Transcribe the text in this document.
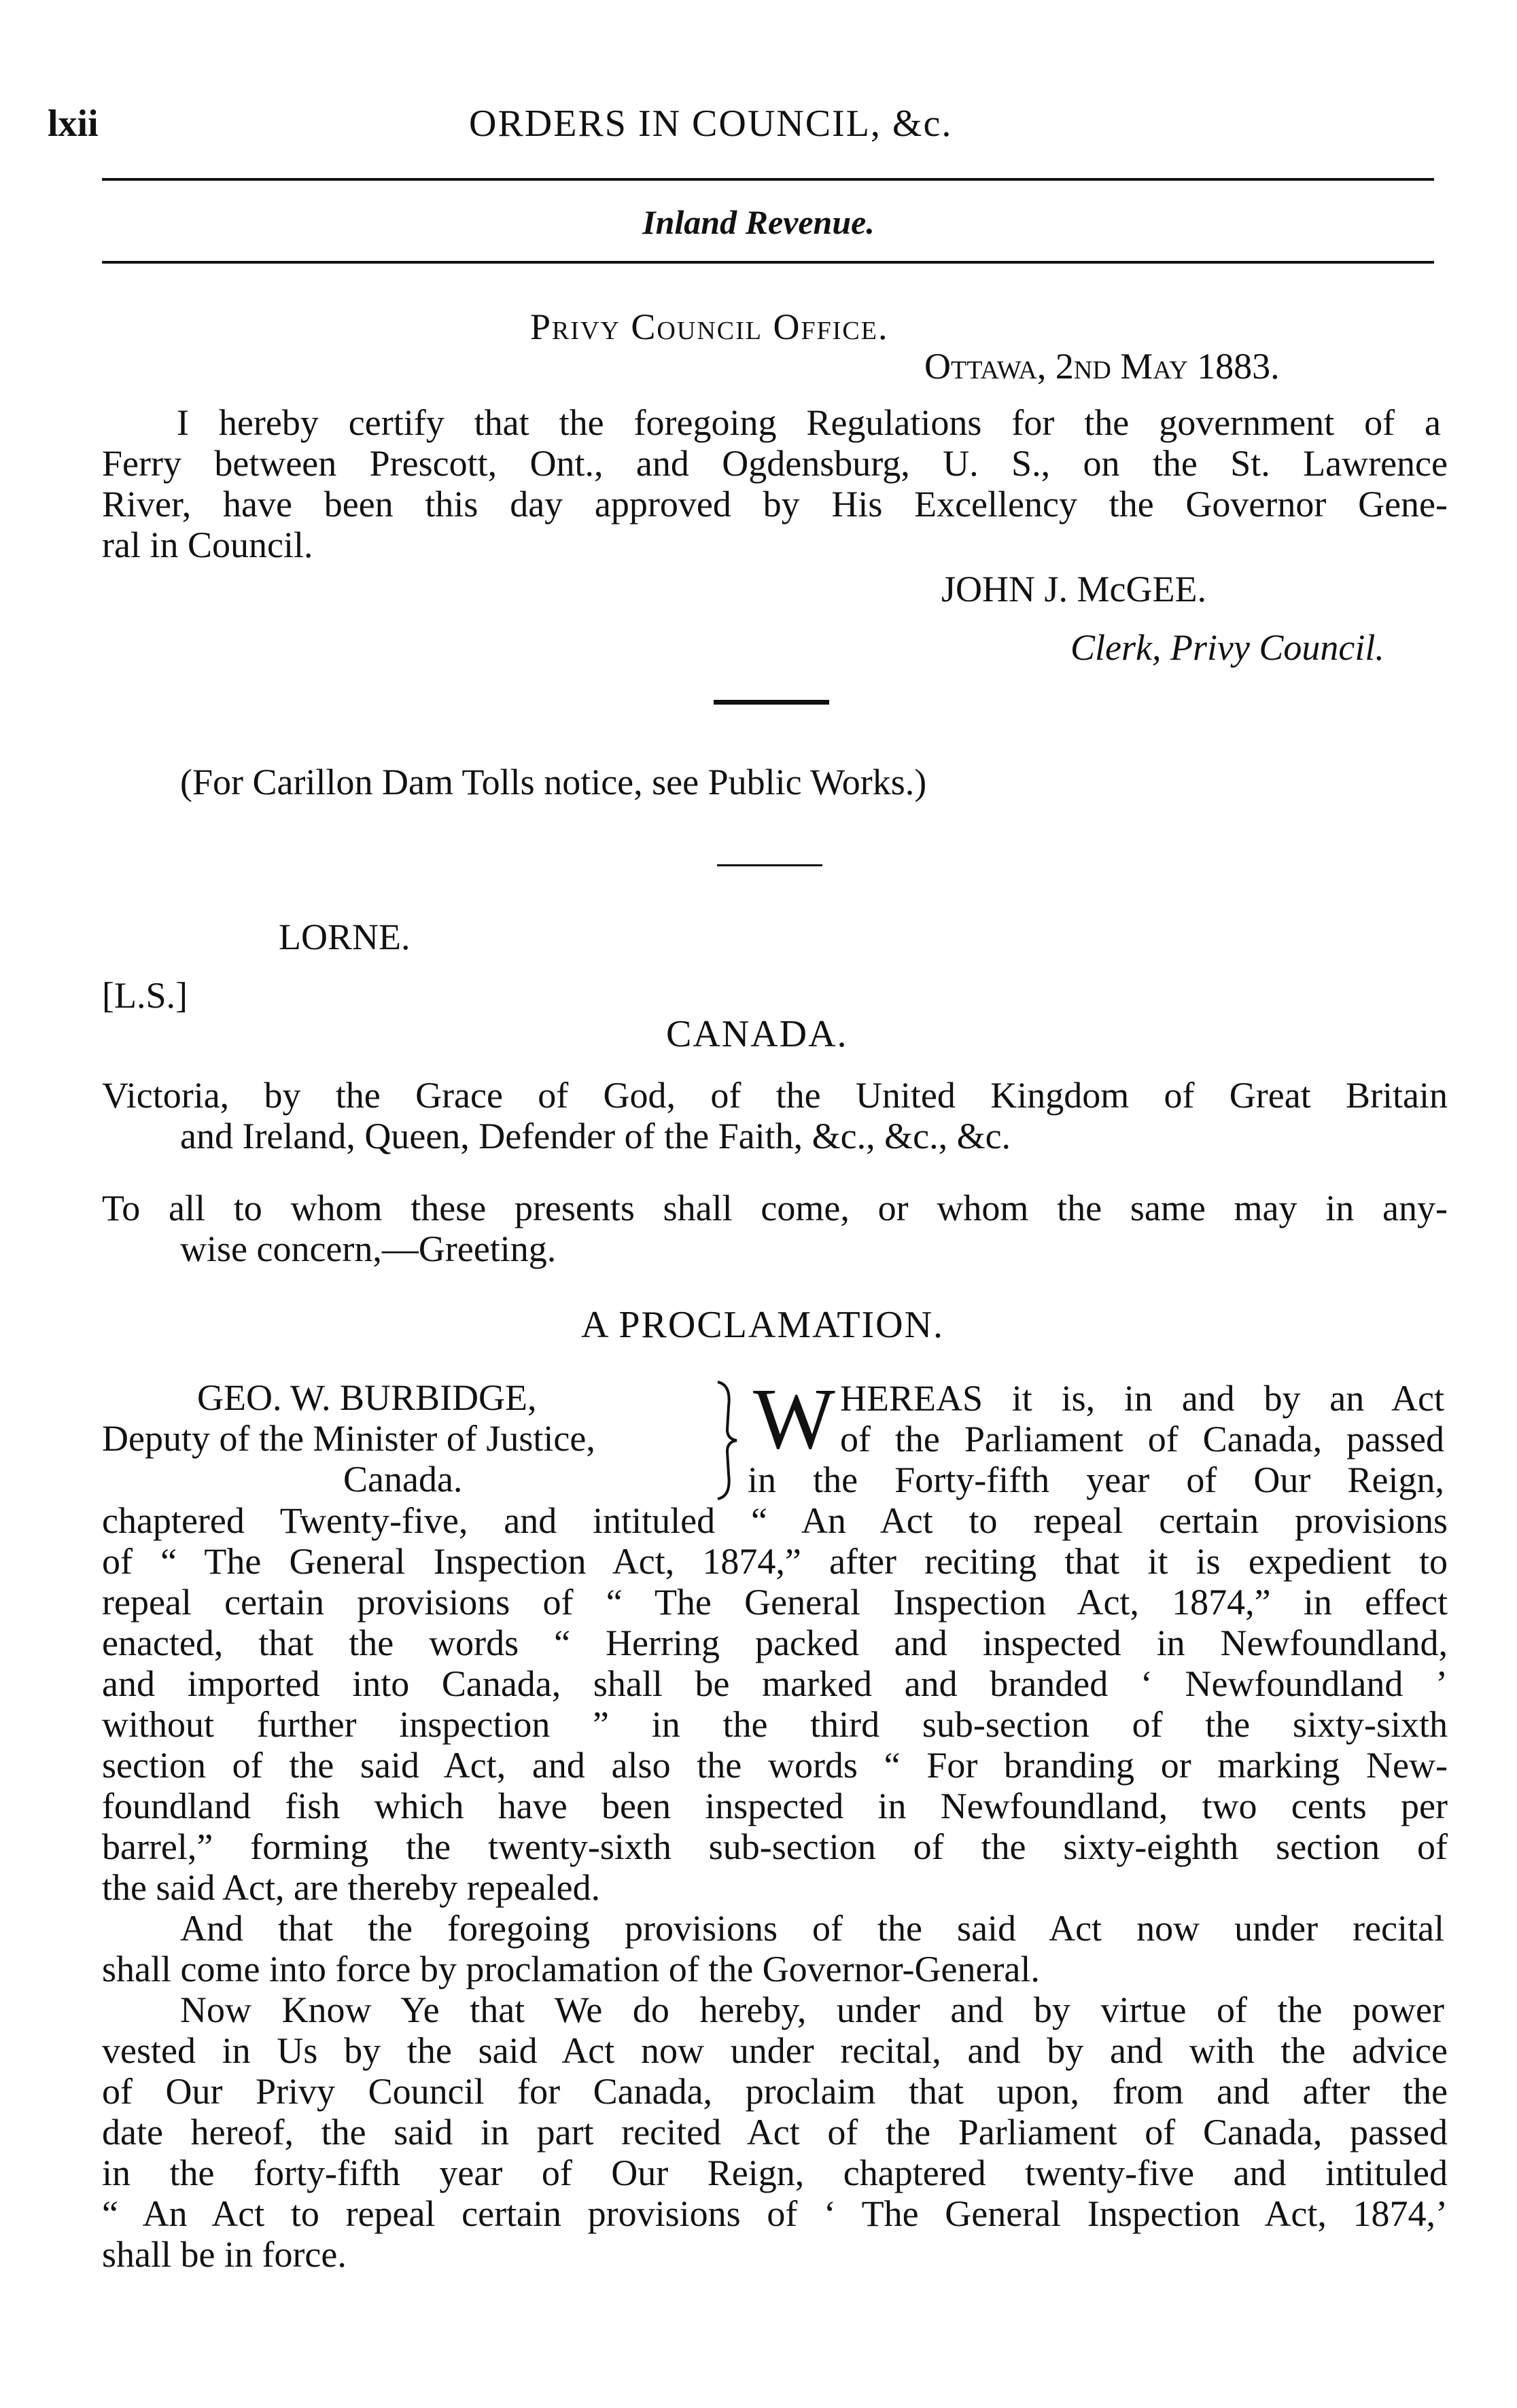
lxii	ORDERS IN COUNCIL, &c.
Inland Revenue.
Privy Council Office.
Ottawa, 2nd May 1883.
I hereby certify that the foregoing Regulations for the government of a
Ferry between Prescott, Ont., and Ogdensburg, U. S., on the St. Lawrence
River, have been this day approved by His Excellency the Governor Gene-
ral in Council.
JOHN J. McGEE.
Clerk, Privy Council.
(For Carillon Dam Tolls notice, see Public Works.)
LORNE.
[L.S.]
CANADA.
Victoria, by the Grace of God, of the United Kingdom of Great Britain
and Ireland, Queen, Defender of the Faith, &c., &c., &c.
To all to whom these presents shall come, or whom the same may in any-
wise concern,—Greeting.
A PROCLAMATION.
GEO. W. BURBIDGE,
Deputy of the Minister of Justice,
Canada.
W HEREAS it is, in and by an Act
of the Parliament of Canada, passed
in the Forty-fifth year of Our Reign,
chaptered Twenty-five, and intituled “ An Act to repeal certain provisions
of “ The General Inspection Act, 1874,” after reciting that it is expedient to
repeal certain provisions of “ The General Inspection Act, 1874,” in effect
enacted, that the words “ Herring packed and inspected in Newfoundland,
and imported into Canada, shall be marked and branded ‘ Newfoundland ’
without further inspection ” in the third sub-section of the sixty-sixth
section of the said Act, and also the words “ For branding or marking New-
foundland fish which have been inspected in Newfoundland, two cents per
barrel,” forming the twenty-sixth sub-section of the sixty-eighth section of
the said Act, are thereby repealed.
And that the foregoing provisions of the said Act now under recital
shall come into force by proclamation of the Governor-General.
Now Know Ye that We do hereby, under and by virtue of the power
vested in Us by the said Act now under recital, and by and with the advice
of Our Privy Council for Canada, proclaim that upon, from and after the
date hereof, the said in part recited Act of the Parliament of Canada, passed
in the forty-fifth year of Our Reign, chaptered twenty-five and intituled
“ An Act to repeal certain provisions of ‘ The General Inspection Act, 1874,’
shall be in force.
